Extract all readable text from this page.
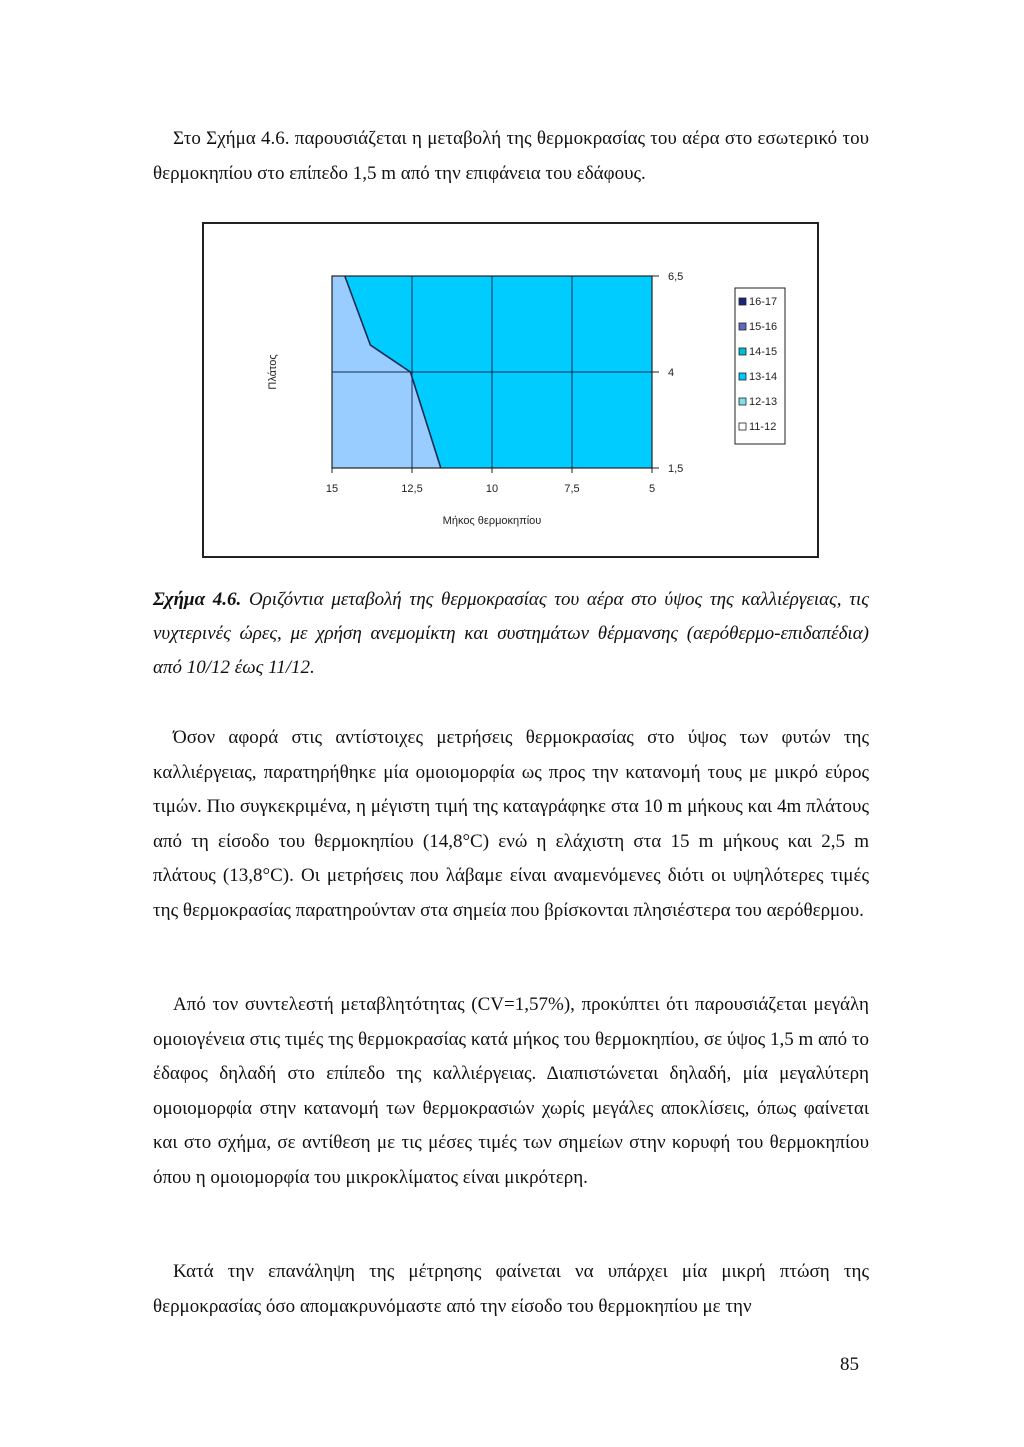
Στο Σχήμα 4.6. παρουσιάζεται η μεταβολή της θερμοκρασίας του αέρα στο εσωτερικό του θερμοκηπίου στο επίπεδο 1,5 m από την επιφάνεια του εδάφους.

15	12,5	10	7,5	5
6,5
4
1,5
Μήκος θερμοκηπίου
Πλάτος
16-17
15-16
14-15
13-14
12-13
11-12

Σχήμα 4.6. Οριζόντια μεταβολή της θερμοκρασίας του αέρα στο ύψος της καλλιέργειας, τις νυχτερινές ώρες, με χρήση ανεμομίκτη και συστημάτων θέρμανσης (αερόθερμο-επιδαπέδια) από 10/12 έως 11/12.

Όσον αφορά στις αντίστοιχες μετρήσεις θερμοκρασίας στο ύψος των φυτών της καλλιέργειας, παρατηρήθηκε μία ομοιομορφία ως προς την κατανομή τους με μικρό εύρος τιμών. Πιο συγκεκριμένα, η μέγιστη τιμή της καταγράφηκε στα 10 m μήκους και 4m πλάτους από τη είσοδο του θερμοκηπίου (14,8°C) ενώ η ελάχιστη στα 15 m μήκους και 2,5 m πλάτους (13,8°C). Οι μετρήσεις που λάβαμε είναι αναμενόμενες διότι οι υψηλότερες τιμές της θερμοκρασίας παρατηρούνταν στα σημεία που βρίσκονται πλησιέστερα του αερόθερμου.

Από τον συντελεστή μεταβλητότητας (CV=1,57%), προκύπτει ότι παρουσιάζεται μεγάλη ομοιογένεια στις τιμές της θερμοκρασίας κατά μήκος του θερμοκηπίου, σε ύψος 1,5 m από το έδαφος δηλαδή στο επίπεδο της καλλιέργειας. Διαπιστώνεται δηλαδή, μία μεγαλύτερη ομοιομορφία στην κατανομή των θερμοκρασιών χωρίς μεγάλες αποκλίσεις, όπως φαίνεται και στο σχήμα, σε αντίθεση με τις μέσες τιμές των σημείων στην κορυφή του θερμοκηπίου όπου η ομοιομορφία του μικροκλίματος είναι μικρότερη.

Κατά την επανάληψη της μέτρησης φαίνεται να υπάρχει μία μικρή πτώση της θερμοκρασίας όσο απομακρυνόμαστε από την είσοδο του θερμοκηπίου με την

85
